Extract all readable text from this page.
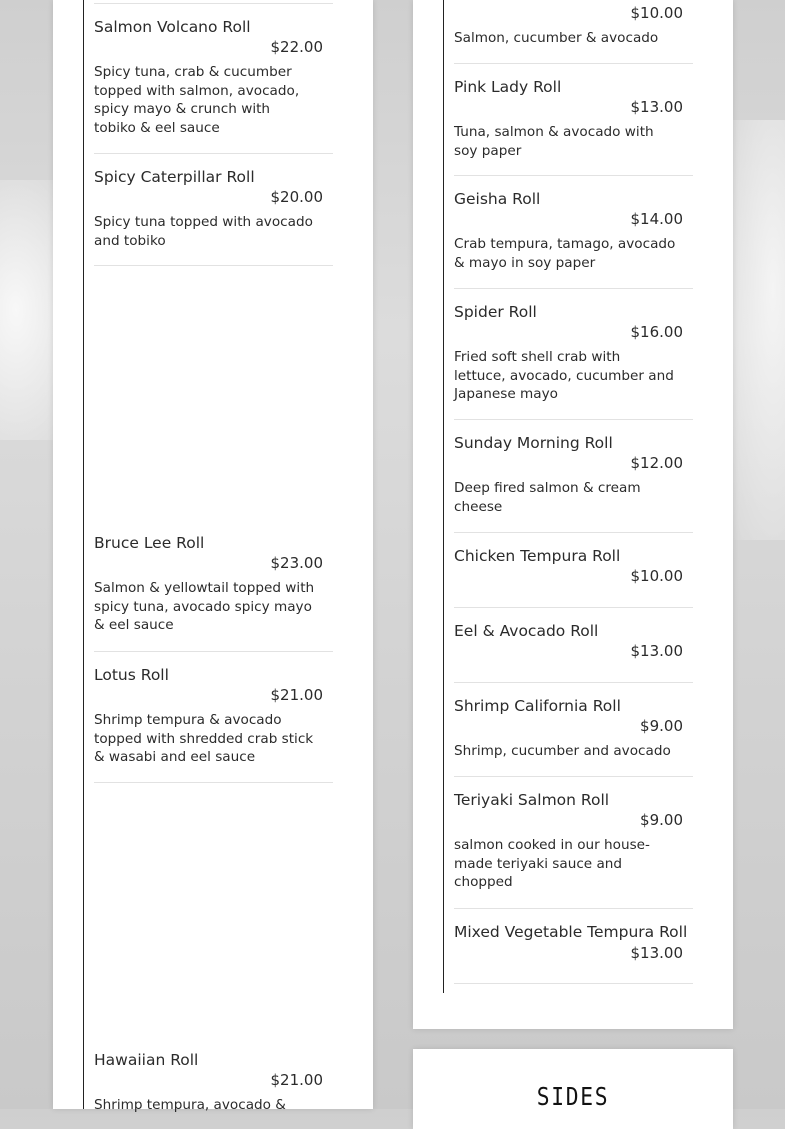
Salmon Volcano Roll
$22.00
Spicy tuna, crab & cucumber topped with salmon, avocado, spicy mayo & crunch with tobiko & eel sauce
Spicy Caterpillar Roll
$20.00
Spicy tuna topped with avocado and tobiko
Bruce Lee Roll
$23.00
Salmon & yellowtail topped with spicy tuna, avocado spicy mayo & eel sauce
Lotus Roll
$21.00
Shrimp tempura & avocado topped with shredded crab stick & wasabi and eel sauce
Hawaiian Roll
$21.00
Shrimp tempura, avocado &
$10.00
Salmon, cucumber & avocado
Pink Lady Roll
$13.00
Tuna, salmon & avocado with soy paper
Geisha Roll
$14.00
Crab tempura, tamago, avocado & mayo in soy paper
Spider Roll
$16.00
Fried soft shell crab with lettuce, avocado, cucumber and Japanese mayo
Sunday Morning Roll
$12.00
Deep fired salmon & cream cheese
Chicken Tempura Roll
$10.00
Eel & Avocado Roll
$13.00
Shrimp California Roll
$9.00
Shrimp, cucumber and avocado
Teriyaki Salmon Roll
$9.00
salmon cooked in our house-made teriyaki sauce and chopped
Mixed Vegetable Tempura Roll
$13.00
SIDES
